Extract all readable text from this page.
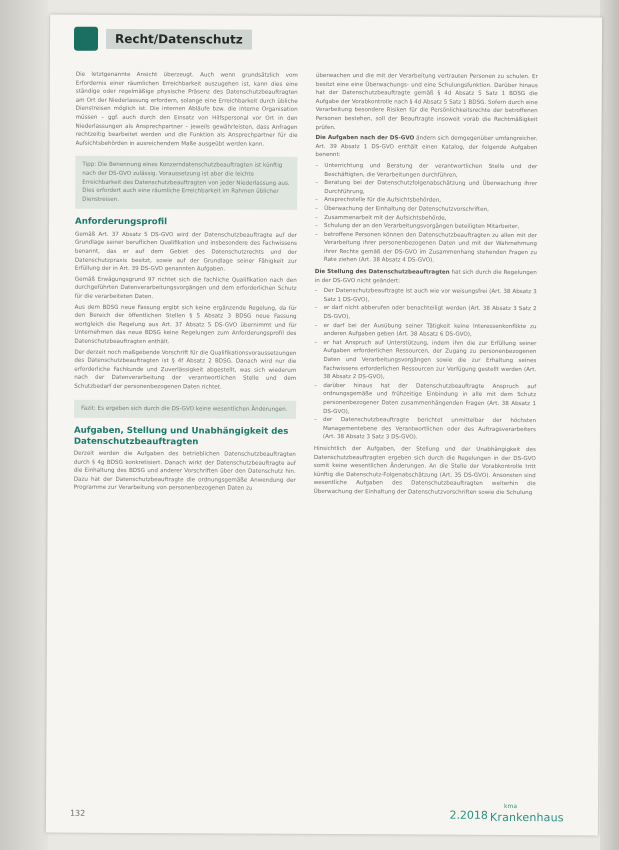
Recht/Datenschutz

Die letztgenannte Ansicht überzeugt. Auch wenn grundsätzlich vom Erfordernis einer räumlichen Erreichbarkeit auszugehen ist, kann dies eine ständige oder regelmäßige physische Präsenz des Datenschutzbeauftragten am Ort der Niederlassung erfordern, solange eine Erreichbarkeit durch übliche Dienstreisen möglich ist. Die internen Abläufe bzw. die interne Organisation müssen – ggf. auch durch den Einsatz von Hilfspersonal vor Ort in den Niederlassungen als Ansprechpartner – jeweils gewährleisten, dass Anfragen rechtzeitig bearbeitet werden und die Funktion als Ansprechpartner für die Aufsichtsbehörden in ausreichendem Maße ausgeübt werden kann.

Tipp: Die Benennung eines Konzerndatenschutzbeauftragten ist künftig nach der DS-GVO zulässig. Voraussetzung ist aber die leichte Erreichbarkeit des Datenschutzbeauftragten von jeder Niederlassung aus. Dies erfordert auch eine räumliche Erreichbarkeit im Rahmen üblicher Dienstreisen.
Anforderungsprofil

Gemäß Art. 37 Absatz 5 DS-GVO wird der Datenschutzbeauftragte auf der Grundlage seiner beruflichen Qualifikation und insbesondere des Fachwissens benannt, das er auf dem Gebiet des Datenschutzrechts und der Datenschutzpraxis besitzt, sowie auf der Grundlage seiner Fähigkeit zur Erfüllung der in Art. 39 DS-GVO genannten Aufgaben.

Gemäß Erwägungsgrund 97 richtet sich die fachliche Qualifikation nach den durchgeführten Datenverarbeitungsvorgängen und dem erforderlichen Schutz für die verarbeiteten Daten.

Aus dem BDSG neue Fassung ergibt sich keine ergänzende Regelung, da für den Bereich der öffentlichen Stellen § 5 Absatz 3 BDSG neue Fassung wortgleich die Regelung aus Art. 37 Absatz 5 DS-GVO übernimmt und für Unternehmen das neue BDSG keine Regelungen zum Anforderungsprofil des Datenschutzbeauftragten enthält.

Der derzeit noch maßgebende Vorschrift für die Qualifikationsvoraussetzungen des Datenschutzbeauftragten ist § 4f Absatz 2 BDSG. Danach wird nur die erforderliche Fachkunde und Zuverlässigkeit abgestellt, was sich wiederum nach der Datenverarbeitung der verantwortlichen Stelle und dem Schutzbedarf der personenbezogenen Daten richtet.

Fazit: Es ergeben sich durch die DS-GVO keine wesentlichen Änderungen.
Aufgaben, Stellung und Unabhängigkeit des Datenschutzbeauftragten

Derzeit werden die Aufgaben des betrieblichen Datenschutzbeauftragten durch § 4g BDSG konkretisiert. Danach wirkt der Datenschutzbeauftragte auf die Einhaltung des BDSG und anderer Vorschriften über den Datenschutz hin. Dazu hat der Datenschutzbeauftragte die ordnungsgemäße Anwendung der Programme zur Verarbeitung von personenbezogenen Daten zu

überwachen und die mit der Verarbeitung vertrauten Personen zu schulen. Er besitzt eine eine Überwachungs- und eine Schulungsfunktion. Darüber hinaus hat der Datenschutzbeauftragte gemäß § 4d Absatz 5 Satz 1 BDSG die Aufgabe der Vorabkontrolle nach § 4d Absatz 5 Satz 1 BDSG. Sofern durch eine Verarbeitung besondere Risiken für die Persönlichkeitsrechte der betroffenen Personen bestehen, soll der Beauftragte insoweit vorab die Rechtmäßigkeit prüfen.

Die Aufgaben nach der DS-GVO ändern sich demgegenüber umfangreicher. Art. 39 Absatz 1 DS-GVO enthält einen Katalog, der folgende Aufgaben benennt:

– Unterrichtung und Beratung der verantwortlichen Stelle und der Beschäftigten, die Verarbeitungen durchführen,
– Beratung bei der Datenschutzfolgenabschätzung und Überwachung ihrer Durchführung,
– Ansprechstelle für die Aufsichtsbehörden,
– Überwachung der Einhaltung der Datenschutzvorschriften,
– Zusammenarbeit mit der Aufsichtsbehörde,
– Schulung der an den Verarbeitungsvorgängen beteiligten Mitarbeiter,
– betroffene Personen können den Datenschutzbeauftragten zu allen mit der Verarbeitung ihrer personenbezogenen Daten und mit der Wahrnehmung ihrer Rechte gemäß der DS-GVO im Zusammenhang stehenden Fragen zu Rate ziehen (Art. 38 Absatz 4 DS-GVO).

Die Stellung des Datenschutzbeauftragten hat sich durch die Regelungen in der DS-GVO nicht geändert:

– Der Datenschutzbeauftragte ist auch wie vor weisungsfrei (Art. 38 Absatz 3 Satz 1 DS-GVO),
– er darf nicht abberufen oder benachteiligt werden (Art. 38 Absatz 3 Satz 2 DS-GVO),
– er darf bei der Ausübung seiner Tätigkeit keine Interessenkonflikte zu anderen Aufgaben geben (Art. 38 Absatz 6 DS-GVO),
– er hat Anspruch auf Unterstützung, indem ihm die zur Erfüllung seiner Aufgaben erforderlichen Ressourcen, der Zugang zu personenbezogenen Daten und Verarbeitungsvorgängen sowie die zur Erhaltung seines Fachwissens erforderlichen Ressourcen zur Verfügung gestellt werden (Art. 38 Absatz 2 DS-GVO),
– darüber hinaus hat der Datenschutzbeauftragte Anspruch auf ordnungsgemäße und frühzeitige Einbindung in alle mit dem Schutz personenbezogener Daten zusammenhängenden Fragen (Art. 38 Absatz 1 DS-GVO),
– der Datenschutzbeauftragte berichtet unmittelbar der höchsten Managementebene des Verantwortlichen oder des Auftragsverarbeiters (Art. 38 Absatz 3 Satz 3 DS-GVO).

Hinsichtlich der Aufgaben, der Stellung und der Unabhängigkeit des Datenschutzbeauftragten ergeben sich durch die Regelungen in der DS-GVO somit keine wesentlichen Änderungen. An die Stelle der Vorabkontrolle tritt künftig die Datenschutz-Folgenabschätzung (Art. 35 DS-GVO). Ansonsten sind wesentliche Aufgaben des Datenschutzbeauftragten weiterhin die Überwachung der Einhaltung der Datenschutzvorschriften sowie die Schulung

132	2.2018
kma
Krankenhaus
